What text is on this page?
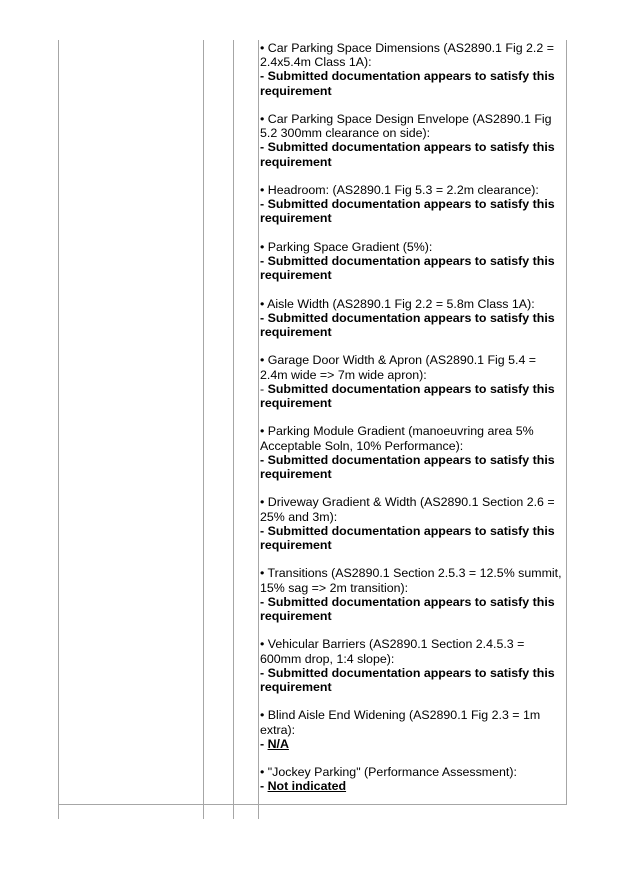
• Car Parking Space Dimensions (AS2890.1 Fig 2.2 = 2.4x5.4m Class 1A):
- Submitted documentation appears to satisfy this requirement
• Car Parking Space Design Envelope (AS2890.1 Fig 5.2 300mm clearance on side):
- Submitted documentation appears to satisfy this requirement
• Headroom: (AS2890.1 Fig 5.3 = 2.2m clearance):
- Submitted documentation appears to satisfy this requirement
• Parking Space Gradient (5%):
- Submitted documentation appears to satisfy this requirement
• Aisle Width (AS2890.1 Fig 2.2 = 5.8m Class 1A):
- Submitted documentation appears to satisfy this requirement
• Garage Door Width & Apron (AS2890.1 Fig 5.4 = 2.4m wide => 7m wide apron):
- Submitted documentation appears to satisfy this requirement
• Parking Module Gradient (manoeuvring area 5% Acceptable Soln, 10% Performance):
- Submitted documentation appears to satisfy this requirement
• Driveway Gradient & Width (AS2890.1 Section 2.6 = 25% and 3m):
- Submitted documentation appears to satisfy this requirement
• Transitions (AS2890.1 Section 2.5.3 = 12.5% summit, 15% sag => 2m transition):
- Submitted documentation appears to satisfy this requirement
• Vehicular Barriers (AS2890.1 Section 2.4.5.3 = 600mm drop, 1:4 slope):
- Submitted documentation appears to satisfy this requirement
• Blind Aisle End Widening (AS2890.1 Fig 2.3 = 1m extra):
- N/A
• "Jockey Parking" (Performance Assessment):
- Not indicated
